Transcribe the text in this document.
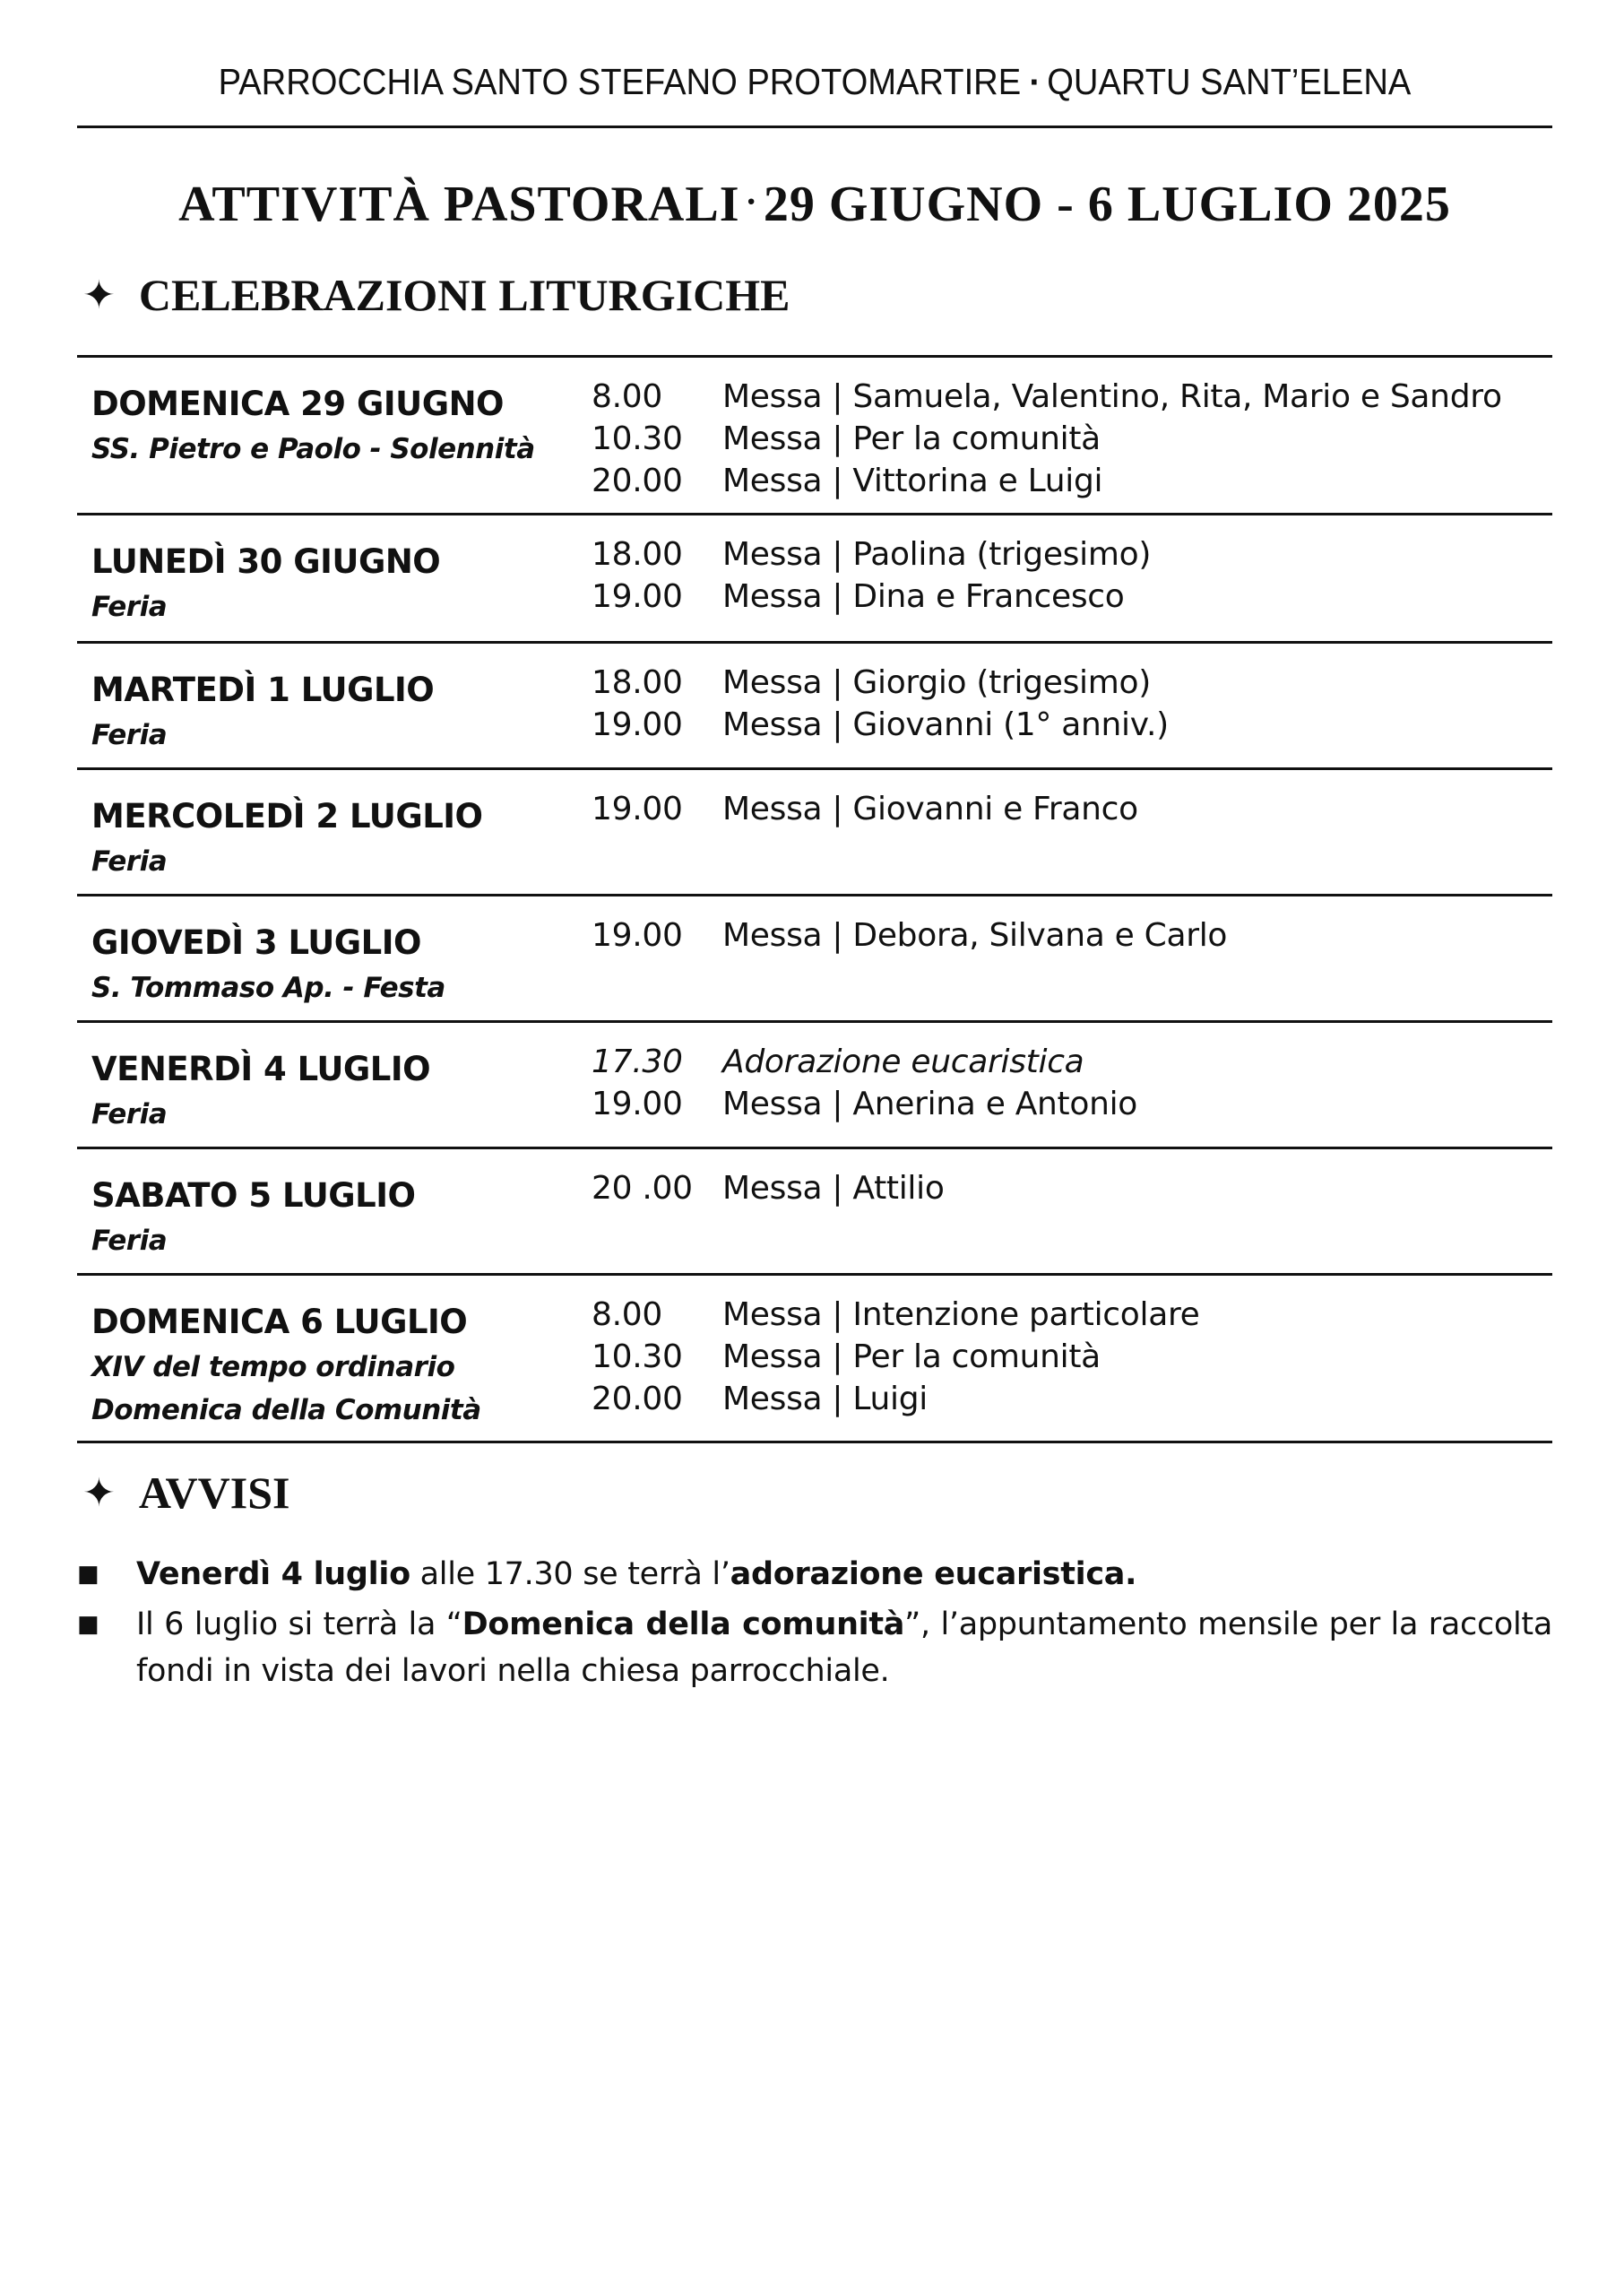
PARROCCHIA SANTO STEFANO PROTOMARTIRE ▪ QUARTU SANT’ELENA
ATTIVITÀ PASTORALI · 29 GIUGNO - 6 LUGLIO 2025
✦ CELEBRAZIONI LITURGICHE
DOMENICA 29 GIUGNO
SS. Pietro e Paolo - Solennità
8.00	Messa | Samuela, Valentino, Rita, Mario e Sandro
10.30	Messa | Per la comunità
20.00	Messa | Vittorina e Luigi
LUNEDÌ 30 GIUGNO
Feria
18.00	Messa | Paolina (trigesimo)
19.00	Messa | Dina e Francesco
MARTEDÌ 1 LUGLIO
Feria
18.00	Messa | Giorgio (trigesimo)
19.00	Messa | Giovanni (1° anniv.)
MERCOLEDÌ 2 LUGLIO
Feria
19.00	Messa | Giovanni e Franco
GIOVEDÌ 3 LUGLIO
S. Tommaso Ap. - Festa
19.00	Messa | Debora, Silvana e Carlo
VENERDÌ 4 LUGLIO
Feria
17.30	Adorazione eucaristica
19.00	Messa | Anerina e Antonio
SABATO 5 LUGLIO
Feria
20 .00 Messa | Attilio
DOMENICA 6 LUGLIO
XIV del tempo ordinario
Domenica della Comunità
8.00	Messa | Intenzione particolare
10.30	Messa | Per la comunità
20.00	Messa | Luigi
✦ AVVISI
■	Venerdì 4 luglio alle 17.30 se terrà l’adorazione eucaristica.
■	Il 6 luglio si terrà la “Domenica della comunità”, l’appuntamento mensile per la raccolta fondi in vista dei lavori nella chiesa parrocchiale.
